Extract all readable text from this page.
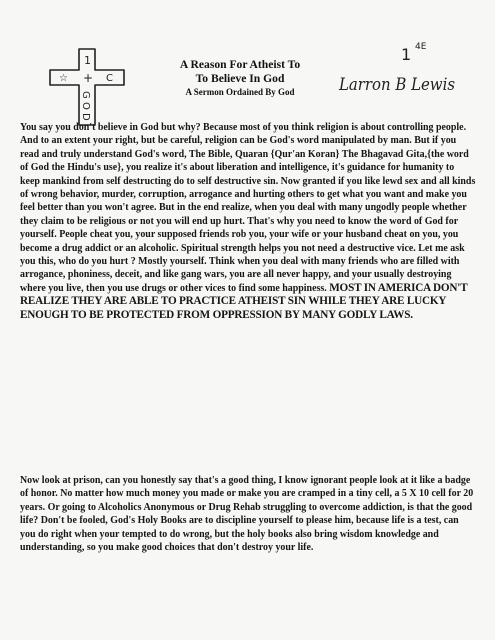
1
☆ + C
G
O
D
A Reason For Atheist To
To Believe In God
A Sermon Ordained By God
1 4E
Larron B Lewis

You say you don't believe in God but why? Because most of you think religion is about controlling people. And to an extent your right, but be careful, religion can be God's word manipulated by man. But if you read and truly understand God's word, The Bible, Quaran {Qur'an Koran} The Bhagavad Gita,{the word of God the Hindu's use}, you realize it's about liberation and intelligence, it's guidance for humanity to keep mankind from self destructing do to self destructive sin. Now granted if you like lewd sex and all kinds of wrong behavior, murder, corruption, arrogance and hurting others to get what you want and make you feel better than you won't agree. But in the end realize, when you deal with many ungodly people whether they claim to be religious or not you will end up hurt. That's why you need to know the word of God for yourself. People cheat you, your supposed friends rob you, your wife or your husband cheat on you, you become a drug addict or an alcoholic. Spiritual strength helps you not need a destructive vice. Let me ask you this, who do you hurt ? Mostly yourself. Think when you deal with many friends who are filled with arrogance, phoniness, deceit, and like gang wars, you are all never happy, and your usually destroying where you live, then you use drugs or other vices to find some happiness. MOST IN AMERICA DON'T REALIZE THEY ARE ABLE TO PRACTICE ATHEIST SIN WHILE THEY ARE LUCKY ENOUGH TO BE PROTECTED FROM OPPRESSION BY MANY GODLY LAWS.

Now look at prison, can you honestly say that's a good thing, I know ignorant people look at it like a badge of honor. No matter how much money you made or make you are cramped in a tiny cell, a 5 X 10 cell for 20 years. Or going to Alcoholics Anonymous or Drug Rehab struggling to overcome addiction, is that the good life? Don't be fooled, God's Holy Books are to discipline yourself to please him, because life is a test, can you do right when your tempted to do wrong, but the holy books also bring wisdom knowledge and understanding, so you make good choices that don't destroy your life.
